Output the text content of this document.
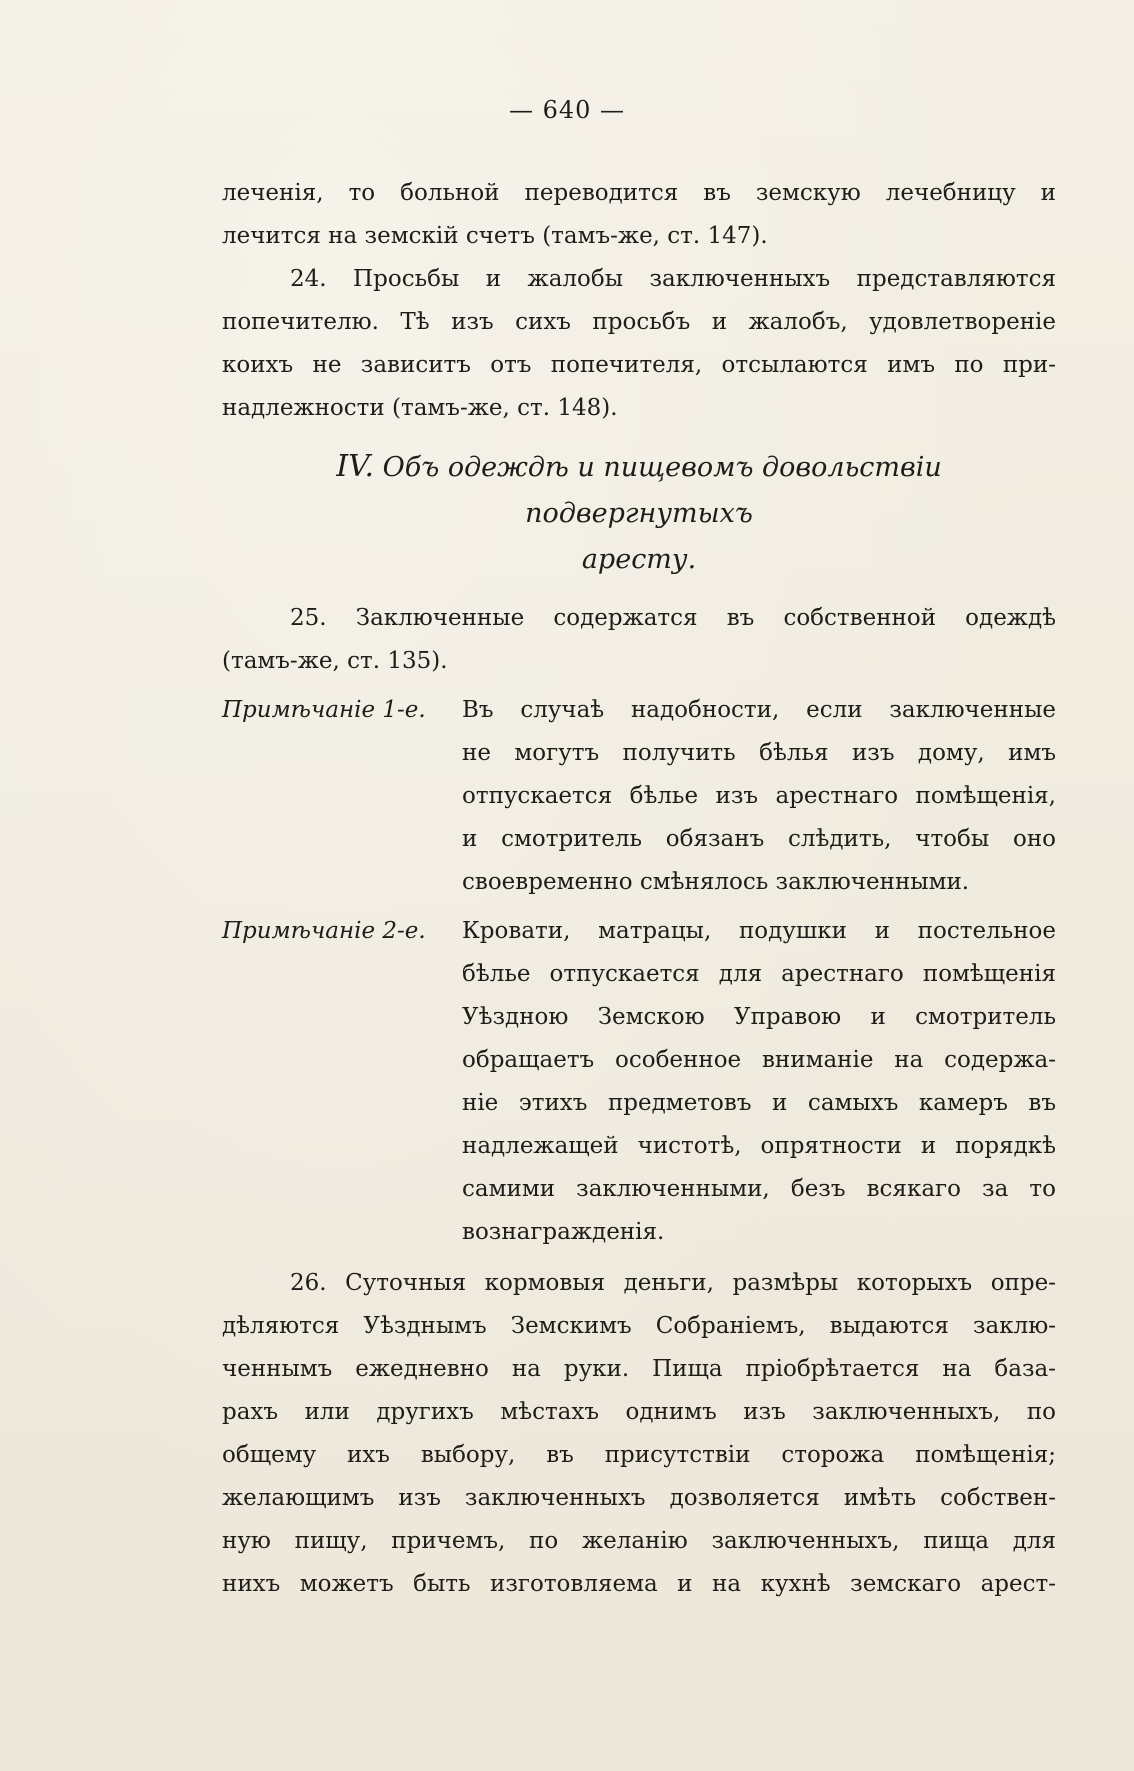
— 640 —
леченія, то больной переводится въ земскую лечебницу и
лечится на земскій счетъ (тамъ-же, ст. 147).
24. Просьбы и жалобы заключенныхъ представляются
попечителю. Тѣ изъ сихъ просьбъ и жалобъ, удовлетвореніе
коихъ не зависитъ отъ попечителя, отсылаются имъ по при-
надлежности (тамъ-же, ст. 148).
IV. Объ одеждѣ и пищевомъ довольствіи подвергнутыхъ
аресту.
25. Заключенные содержатся въ собственной одеждѣ
(тамъ-же, ст. 135).
Примѣчаніе 1-е.	Въ случаѣ надобности, если заключенные
не могутъ получить бѣлья изъ дому, имъ
отпускается бѣлье изъ арестнаго помѣщенія,
и смотритель обязанъ слѣдить, чтобы оно
своевременно смѣнялось заключенными.
Примѣчаніе 2-е.	Кровати, матрацы, подушки и постельное
бѣлье отпускается для арестнаго помѣщенія
Уѣздною Земскою Управою и смотритель
обращаетъ особенное вниманіе на содержа-
ніе этихъ предметовъ и самыхъ камеръ въ
надлежащей чистотѣ, опрятности и порядкѣ
самими заключенными, безъ всякаго за то
вознагражденія.
26. Суточныя кормовыя деньги, размѣры которыхъ опре-
дѣляются Уѣзднымъ Земскимъ Собраніемъ, выдаются заклю-
ченнымъ ежедневно на руки. Пища пріобрѣтается на база-
рахъ или другихъ мѣстахъ однимъ изъ заключенныхъ, по
общему ихъ выбору, въ присутствіи сторожа помѣщенія;
желающимъ изъ заключенныхъ дозволяется имѣть собствен-
ную пищу, причемъ, по желанію заключенныхъ, пища для
нихъ можетъ быть изготовляема и на кухнѣ земскаго арест-
